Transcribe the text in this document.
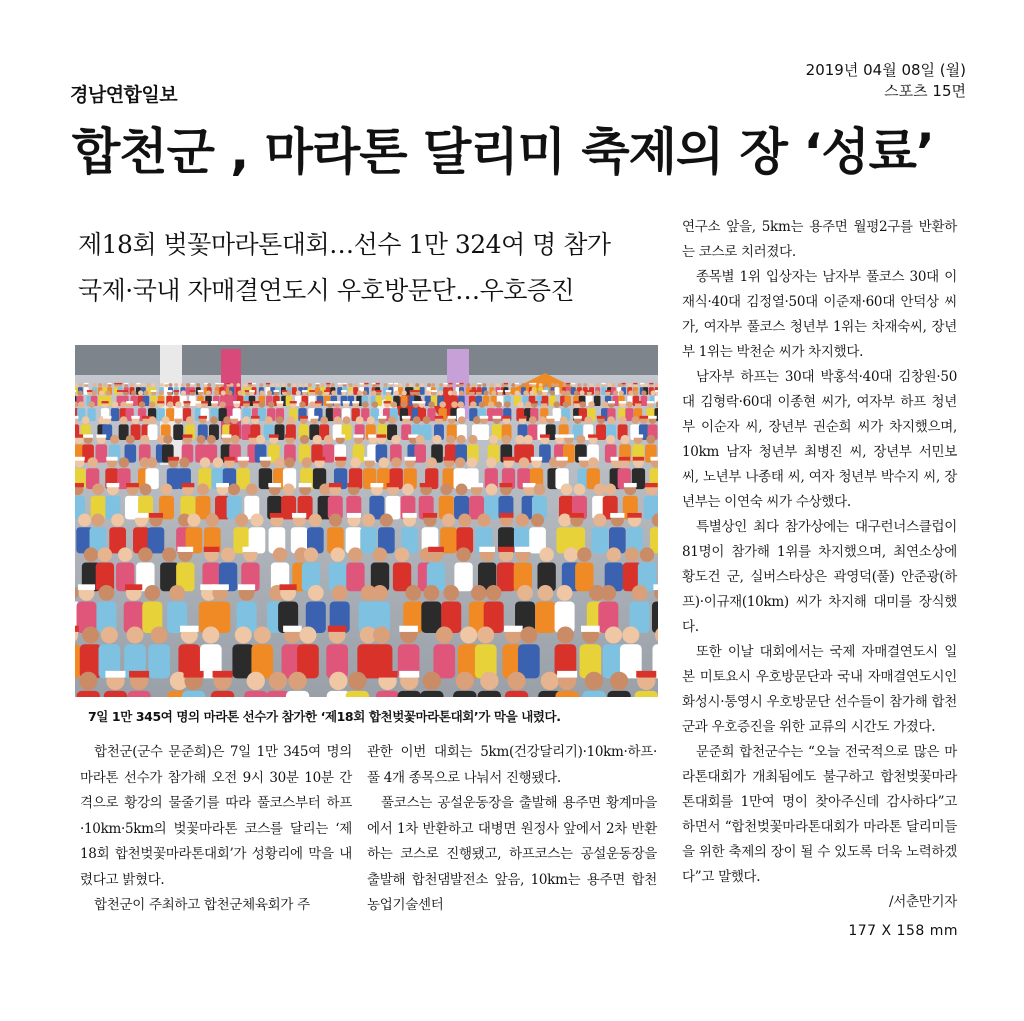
경남연합일보
2019년 04월 08일 (월)
스포츠 15면
합천군 , 마라톤 달리미 축제의 장 ‘성료’
제18회 벚꽃마라톤대회…선수 1만 324여 명 참가
국제·국내 자매결연도시 우호방문단…우호증진
7일 1만 345여 명의 마라톤 선수가 참가한 ‘제18회 합천벚꽃마라톤대회’가 막을 내렸다.

합천군(군수 문준희)은 7일 1만 345여 명의 마라톤 선수가 참가해 오전 9시 30분 10분 간격으로 황강의 물줄기를 따라 풀코스부터 하프·10km·5km의 벚꽃마라톤 코스를 달리는 ‘제18회 합천벚꽃마라톤대회’가 성황리에 막을 내렸다고 밝혔다.

합천군이 주최하고 합천군체육회가 주

관한 이번 대회는 5km(건강달리기)·10km·하프·풀 4개 종목으로 나눠서 진행됐다.

풀코스는 공설운동장을 출발해 용주면 황계마을에서 1차 반환하고 대병면 원정사 앞에서 2차 반환하는 코스로 진행됐고, 하프코스는 공설운동장을 출발해 합천댐발전소 앞음, 10km는 용주면 합천농업기술센터

연구소 앞을, 5km는 용주면 월평2구를 반환하는 코스로 치러졌다.

종목별 1위 입상자는 남자부 풀코스 30대 이재식·40대 김정열·50대 이준재·60대 안덕상 씨가, 여자부 풀코스 청년부 1위는 차재숙씨, 장년부 1위는 박천순 씨가 차지했다.

남자부 하프는 30대 박홍석·40대 김창원·50대 김형락·60대 이종현 씨가, 여자부 하프 청년부 이순자 씨, 장년부 권순희 씨가 차지했으며, 10km 남자 청년부 최병진 씨, 장년부 서민보 씨, 노년부 나종태 씨, 여자 청년부 박수지 씨, 장년부는 이연숙 씨가 수상했다.

특별상인 최다 참가상에는 대구런너스클럽이 81명이 참가해 1위를 차지했으며, 최연소상에 황도건 군, 실버스타상은 곽영덕(풀) 안준광(하프)·이규재(10km) 씨가 차지해 대미를 장식했다.

또한 이날 대회에서는 국제 자매결연도시 일본 미토요시 우호방문단과 국내 자매결연도시인 화성시·통영시 우호방문단 선수들이 참가해 합천군과 우호증진을 위한 교류의 시간도 가졌다.

문준희 합천군수는 “오늘 전국적으로 많은 마라톤대회가 개최됨에도 불구하고 합천벚꽃마라톤대회를 1만여 명이 찾아주신데 감사하다”고 하면서 “합천벚꽃마라톤대회가 마라톤 달리미들을 위한 축제의 장이 될 수 있도록 더욱 노력하겠다”고 말했다.

/서춘만기자
177 X 158 mm
